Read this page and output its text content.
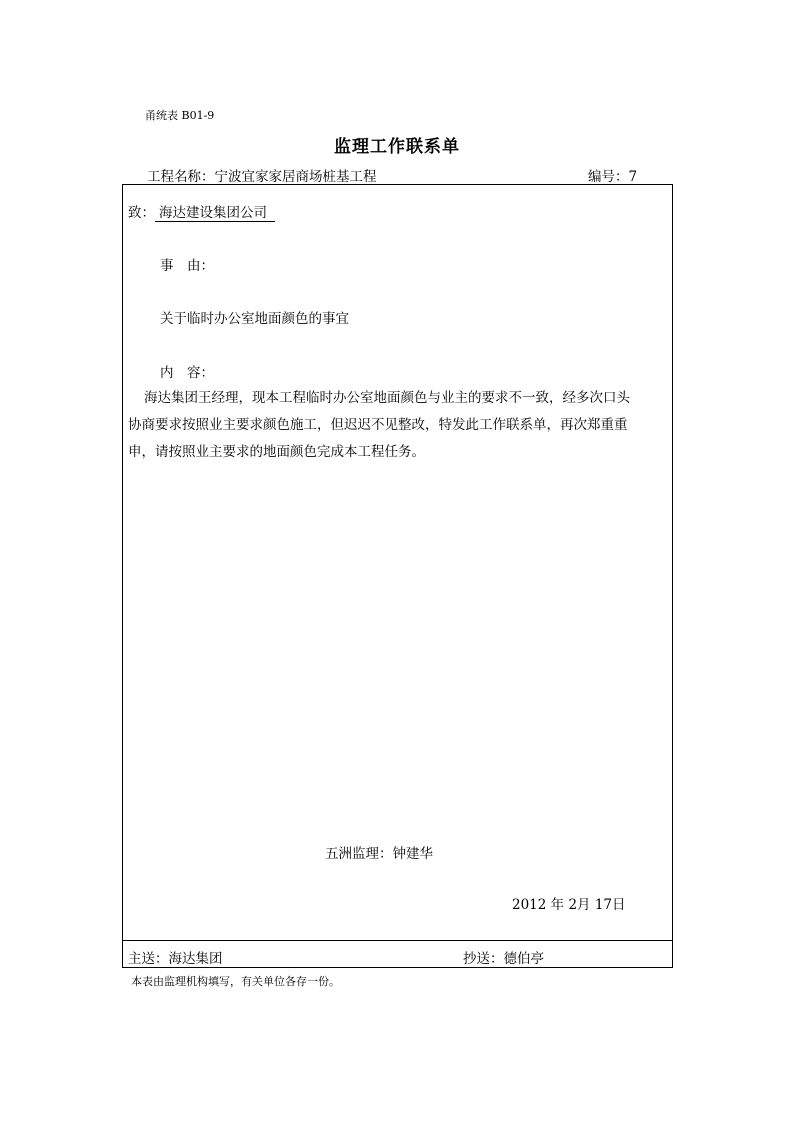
甬统表 B01-9
监理工作联系单
工程名称：宁波宜家家居商场桩基工程	编号：7
致： 海达建设集团公司
事　由：
关于临时办公室地面颜色的事宜
内　容：
海达集团王经理，现本工程临时办公室地面颜色与业主的要求不一致，经多次口头协商要求按照业主要求颜色施工，但迟迟不见整改，特发此工作联系单，再次郑重重申，请按照业主要求的地面颜色完成本工程任务。
五洲监理：钟建华
2012 年 2月 17日
主送：海达集团	抄送：德伯亭
本表由监理机构填写，有关单位各存一份。
